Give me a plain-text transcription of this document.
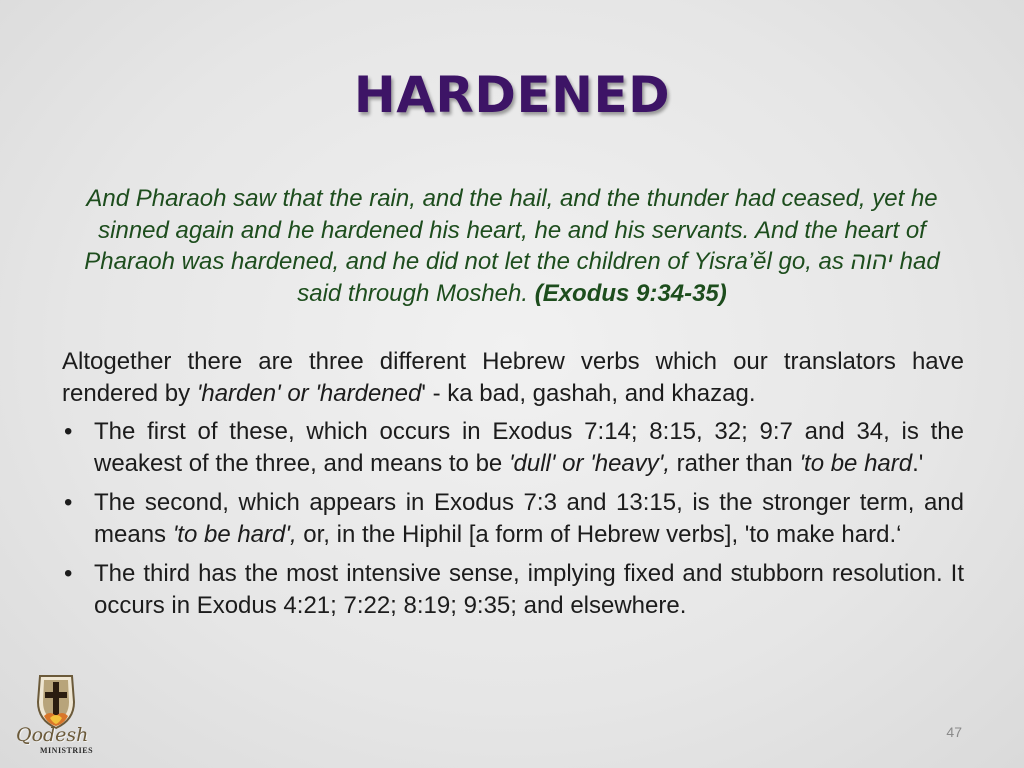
HARDENED

And Pharaoh saw that the rain, and the hail, and the thunder had ceased, yet he sinned again and he hardened his heart, he and his servants. And the heart of Pharaoh was hardened, and he did not let the children of Yisra’ĕl go, as יהוה had said through Mosheh. (Exodus 9:34-35)

Altogether there are three different Hebrew verbs which our translators have rendered by 'harden' or 'hardened' - ka bad, gashah, and khazag.

• The first of these, which occurs in Exodus 7:14; 8:15, 32; 9:7 and 34, is the weakest of the three, and means to be 'dull' or 'heavy', rather than 'to be hard.'
• The second, which appears in Exodus 7:3 and 13:15, is the stronger term, and means 'to be hard', or, in the Hiphil [a form of Hebrew verbs], 'to make hard.‘
• The third has the most intensive sense, implying fixed and stubborn resolution. It occurs in Exodus 4:21; 7:22; 8:19; 9:35; and elsewhere.
47
Qodesh
MINISTRIES
